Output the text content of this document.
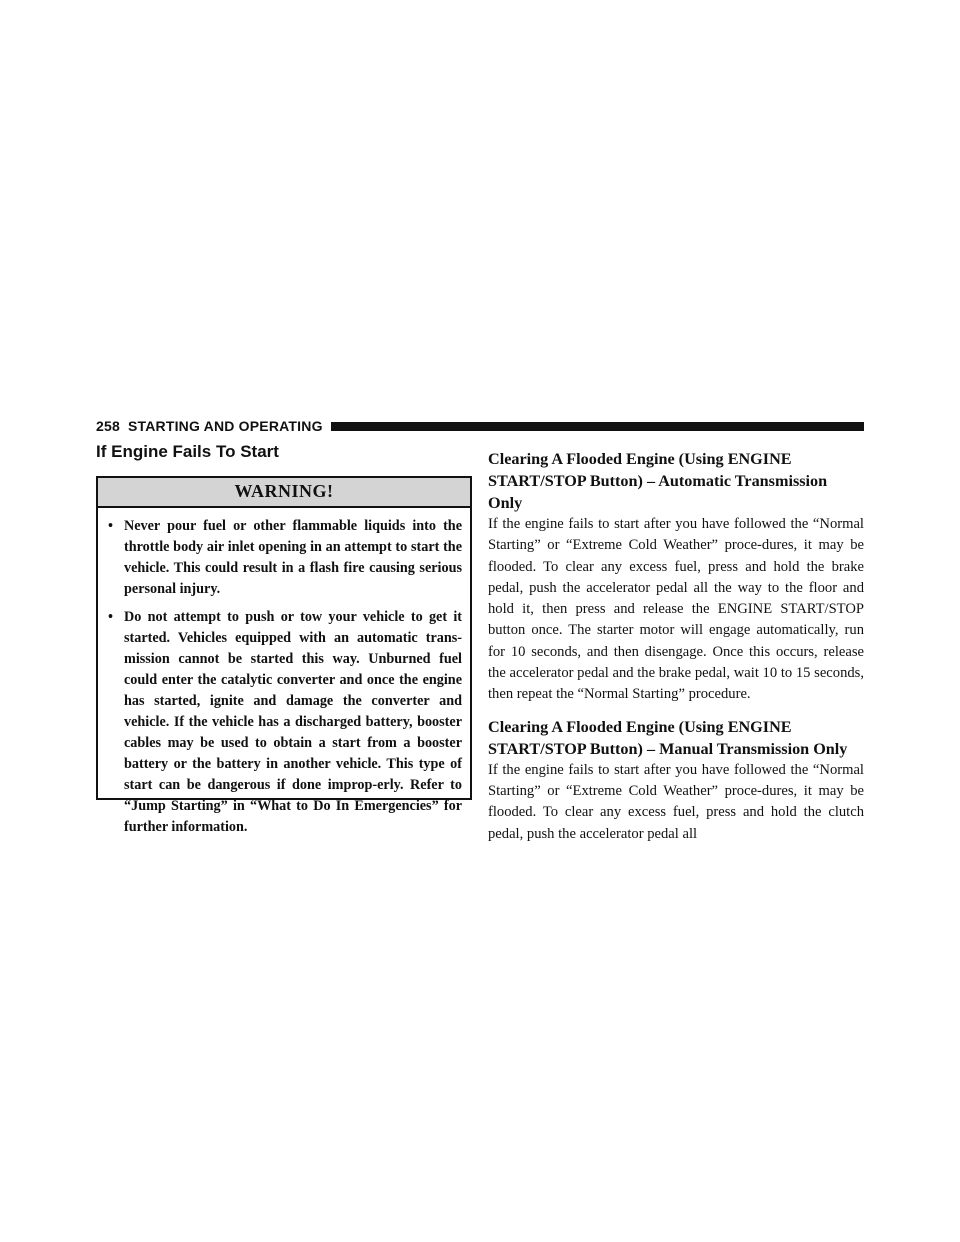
258 STARTING AND OPERATING
If Engine Fails To Start
WARNING!
• Never pour fuel or other flammable liquids into the throttle body air inlet opening in an attempt to start the vehicle. This could result in a flash fire causing serious personal injury.
• Do not attempt to push or tow your vehicle to get it started. Vehicles equipped with an automatic trans-mission cannot be started this way. Unburned fuel could enter the catalytic converter and once the engine has started, ignite and damage the converter and vehicle. If the vehicle has a discharged battery, booster cables may be used to obtain a start from a booster battery or the battery in another vehicle. This type of start can be dangerous if done improp-erly. Refer to “Jump Starting” in “What to Do In Emergencies” for further information.
Clearing A Flooded Engine (Using ENGINE START/STOP Button) – Automatic Transmission Only

If the engine fails to start after you have followed the “Normal Starting” or “Extreme Cold Weather” proce-dures, it may be flooded. To clear any excess fuel, press and hold the brake pedal, push the accelerator pedal all the way to the floor and hold it, then press and release the ENGINE START/STOP button once. The starter motor will engage automatically, run for 10 seconds, and then disengage. Once this occurs, release the accelerator pedal and the brake pedal, wait 10 to 15 seconds, then repeat the “Normal Starting” procedure.

Clearing A Flooded Engine (Using ENGINE START/STOP Button) – Manual Transmission Only

If the engine fails to start after you have followed the “Normal Starting” or “Extreme Cold Weather” proce-dures, it may be flooded. To clear any excess fuel, press and hold the clutch pedal, push the accelerator pedal all
